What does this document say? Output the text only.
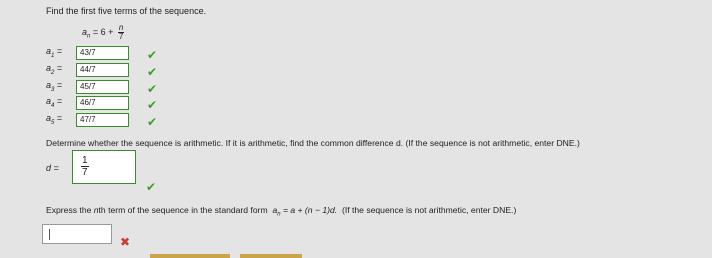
Find the first five terms of the sequence.
$a_n = 6 + \frac{n}{7}$
$a_1$ =	43/7	✔
$a_2$ =	44/7	✔
$a_3$ =	45/7	✔
$a_4$ =	46/7	✔
$a_5$ =	47/7	✔
Determine whether the sequence is arithmetic. If it is arithmetic, find the common difference d. (If the sequence is not arithmetic, enter DNE.)
$d = \frac{1}{7}$
✔
Express the nth term of the sequence in the standard form  $a_n = a + (n - 1)d$.  (If the sequence is not arithmetic, enter DNE.)
✖
